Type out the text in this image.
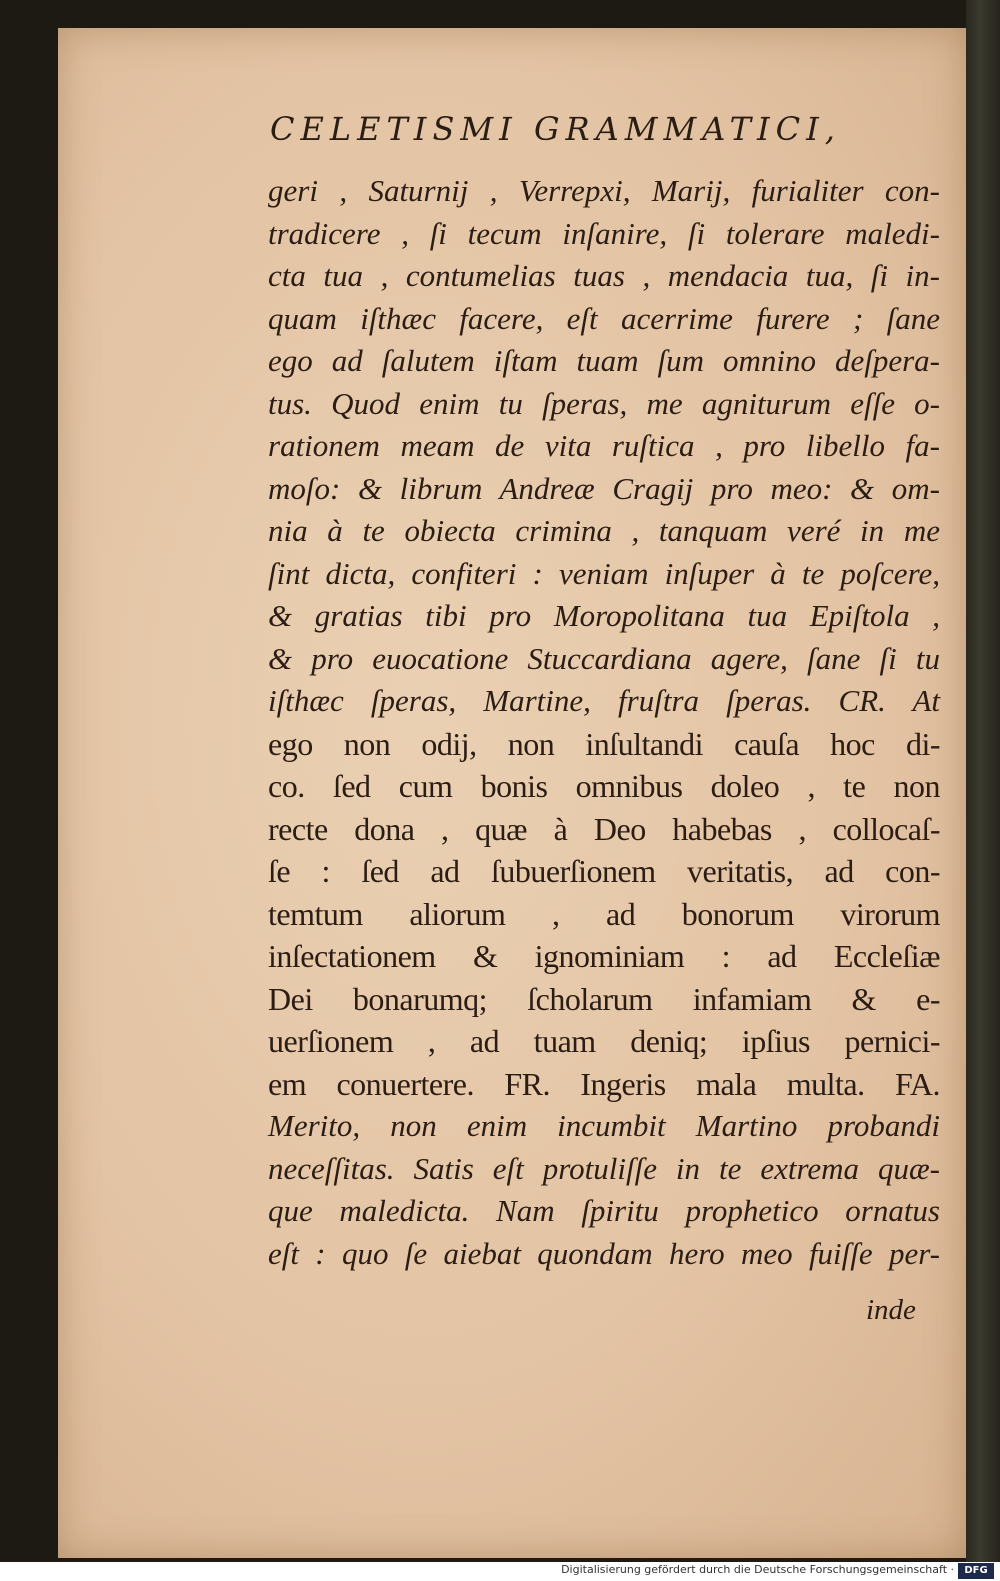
CELETISMI GRAMMATICI,
geri , Saturnij , Verrepxi, Marij, furialiter con-
tradicere , ſi tecum inſanire, ſi tolerare maledi-
cta tua , contumelias tuas , mendacia tua, ſi in-
quam iſthæc facere, eſt acerrime furere ; ſane
ego ad ſalutem iſtam tuam ſum omnino deſpera-
tus. Quod enim tu ſperas, me agniturum eſſe o-
rationem meam de vita ruſtica , pro libello fa-
moſo: & librum Andreæ Cragij pro meo: & om-
nia à te obiecta crimina , tanquam veré in me
ſint dicta, confiteri : veniam inſuper à te poſcere,
& gratias tibi pro Moropolitana tua Epiſtola ,
& pro euocatione Stuccardiana agere, ſane ſi tu
iſthæc ſperas, Martine, fruſtra ſperas. CR. At
ego non odij, non inſultandi cauſa hoc di-
co. ſed cum bonis omnibus doleo , te non
recte dona , quæ à Deo habebas , collocaſ-
ſe : ſed ad ſubuerſionem veritatis, ad con-
temtum aliorum , ad bonorum virorum
inſectationem & ignominiam : ad Eccleſiæ
Dei bonarumq; ſcholarum infamiam & e-
uerſionem , ad tuam deniq; ipſius pernici-
em conuertere. FR. Ingeris mala multa. FA.
Merito, non enim incumbit Martino probandi
neceſſitas. Satis eſt protuliſſe in te extrema quæ-
que maledicta. Nam ſpiritu prophetico ornatus
eſt : quo ſe aiebat quondam hero meo fuiſſe per-
inde
Digitalisierung gefördert durch die Deutsche Forschungsgemeinschaft ·	DFG
